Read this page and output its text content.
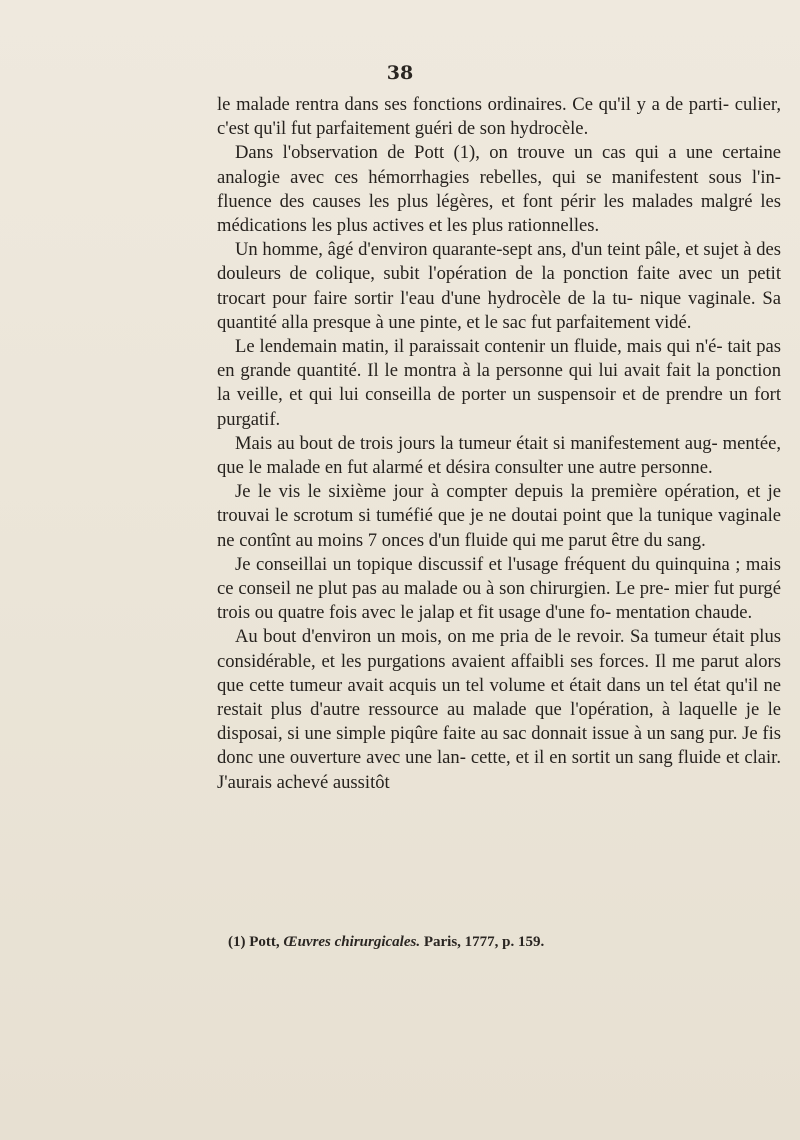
38

le malade rentra dans ses fonctions ordinaires. Ce qu'il y a de parti- culier, c'est qu'il fut parfaitement guéri de son hydrocèle.

Dans l'observation de Pott (1), on trouve un cas qui a une certaine analogie avec ces hémorrhagies rebelles, qui se manifestent sous l'in- fluence des causes les plus légères, et font périr les malades malgré les médications les plus actives et les plus rationnelles.

Un homme, âgé d'environ quarante-sept ans, d'un teint pâle, et sujet à des douleurs de colique, subit l'opération de la ponction faite avec un petit trocart pour faire sortir l'eau d'une hydrocèle de la tu- nique vaginale. Sa quantité alla presque à une pinte, et le sac fut parfaitement vidé.

Le lendemain matin, il paraissait contenir un fluide, mais qui n'é- tait pas en grande quantité. Il le montra à la personne qui lui avait fait la ponction la veille, et qui lui conseilla de porter un suspensoir et de prendre un fort purgatif.

Mais au bout de trois jours la tumeur était si manifestement aug- mentée, que le malade en fut alarmé et désira consulter une autre personne.

Je le vis le sixième jour à compter depuis la première opération, et je trouvai le scrotum si tuméfié que je ne doutai point que la tunique vaginale ne contînt au moins 7 onces d'un fluide qui me parut être du sang.

Je conseillai un topique discussif et l'usage fréquent du quinquina ; mais ce conseil ne plut pas au malade ou à son chirurgien. Le pre- mier fut purgé trois ou quatre fois avec le jalap et fit usage d'une fo- mentation chaude.

Au bout d'environ un mois, on me pria de le revoir. Sa tumeur était plus considérable, et les purgations avaient affaibli ses forces. Il me parut alors que cette tumeur avait acquis un tel volume et était dans un tel état qu'il ne restait plus d'autre ressource au malade que l'opération, à laquelle je le disposai, si une simple piqûre faite au sac donnait issue à un sang pur. Je fis donc une ouverture avec une lan- cette, et il en sortit un sang fluide et clair. J'aurais achevé aussitôt

(1) Pott, Œuvres chirurgicales. Paris, 1777, p. 159.
